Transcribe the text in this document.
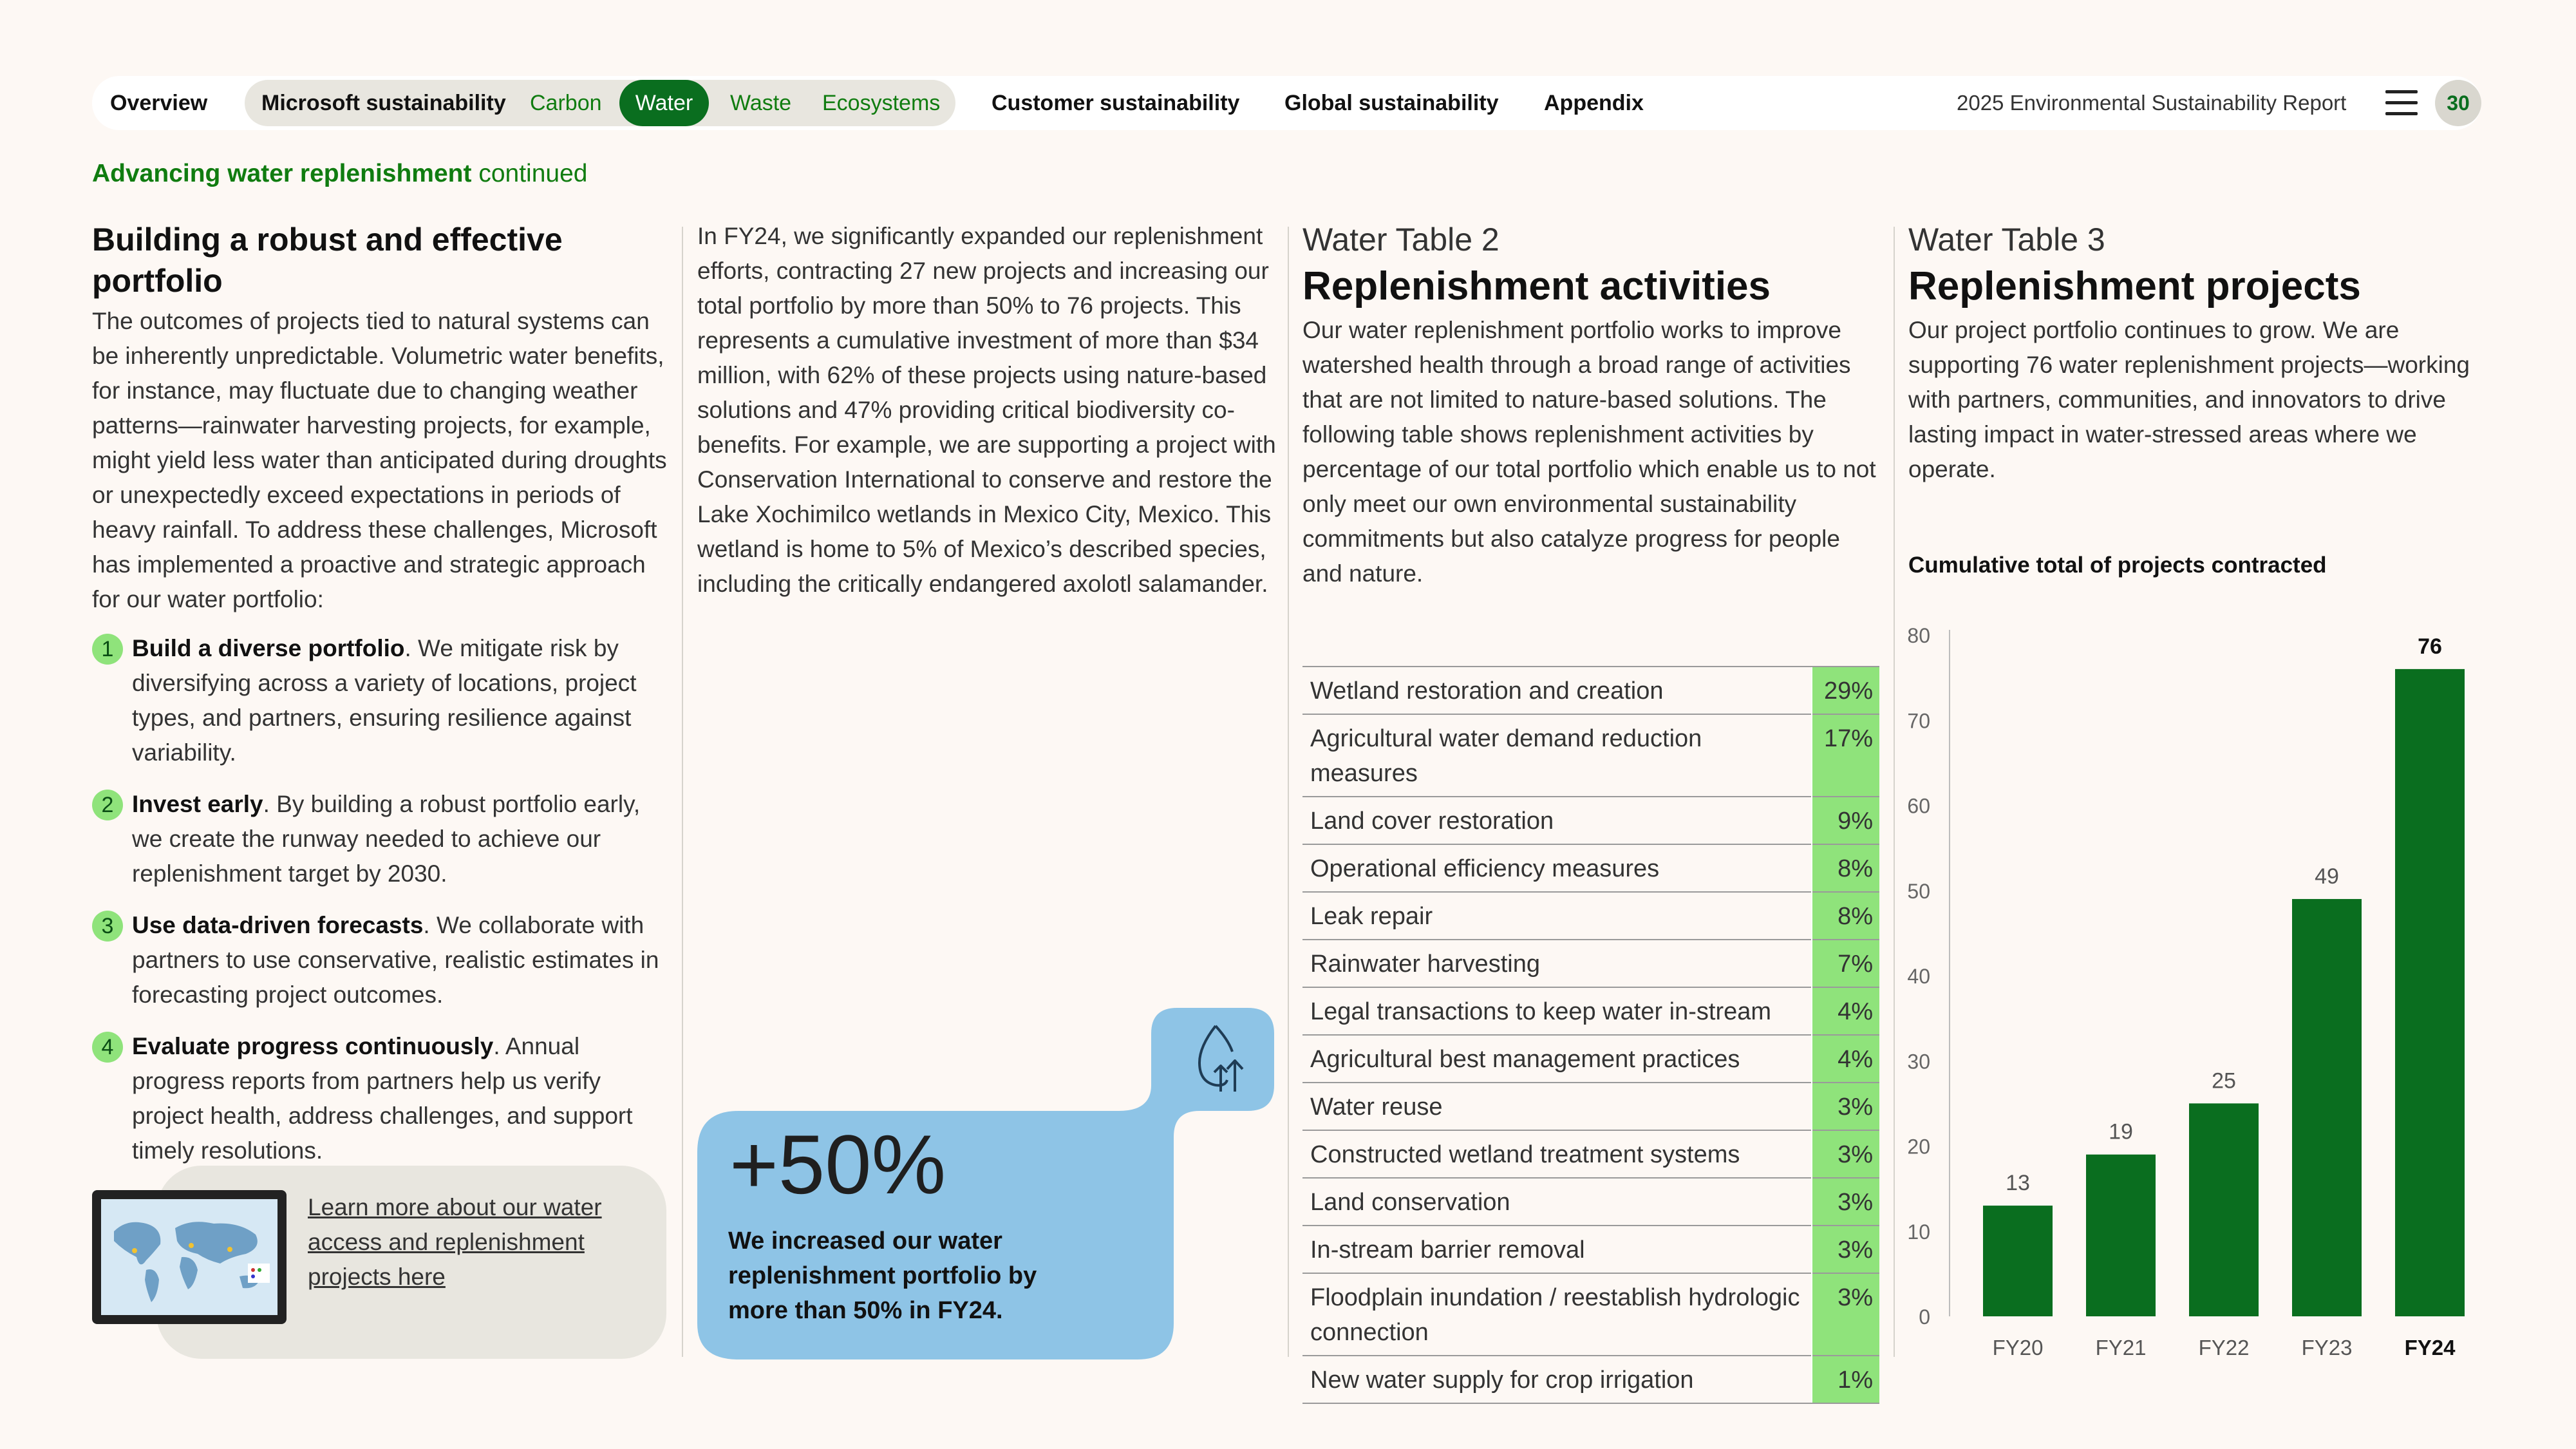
Overview Microsoft sustainability Carbon	Water	Waste Ecosystems Customer sustainability Global sustainability Appendix	2025 Environmental Sustainability Report	30
Advancing water replenishment continued
Building a robust and effective portfolio

The outcomes of projects tied to natural systems can be inherently unpredictable. Volumetric water benefits, for instance, may fluctuate due to changing weather patterns—rainwater harvesting projects, for example, might yield less water than anticipated during droughts or unexpectedly exceed expectations in periods of heavy rainfall. To address these challenges, Microsoft has implemented a proactive and strategic approach for our water portfolio:

1 Build a diverse portfolio. We mitigate risk by diversifying across a variety of locations, project types, and partners, ensuring resilience against variability.
2 Invest early. By building a robust portfolio early, we create the runway needed to achieve our replenishment target by 2030.
3 Use data-driven forecasts. We collaborate with partners to use conservative, realistic estimates in forecasting project outcomes.
4 Evaluate progress continuously. Annual progress reports from partners help us verify project health, address challenges, and support timely resolutions.
Learn more about our water access and replenishment projects here

In FY24, we significantly expanded our replenishment efforts, contracting 27 new projects and increasing our total portfolio by more than 50% to 76 projects. This represents a cumulative investment of more than $34 million, with 62% of these projects using nature-based solutions and 47% providing critical biodiversity co-benefits. For example, we are supporting a project with Conservation International to conserve and restore the Lake Xochimilco wetlands in Mexico City, Mexico. This wetland is home to 5% of Mexico’s described species, including the critically endangered axolotl salamander.

+50%
We increased our water replenishment portfolio by more than 50% in FY24.
Water Table 2
Replenishment activities

Our water replenishment portfolio works to improve watershed health through a broad range of activities that are not limited to nature-based solutions. The following table shows replenishment activities by percentage of our total portfolio which enable us to not only meet our own environmental sustainability commitments but also catalyze progress for people and nature.

Wetland restoration and creation	29%
Agricultural water demand reduction measures	17%
Land cover restoration	9%
Operational efficiency measures	8%
Leak repair	8%
Rainwater harvesting	7%
Legal transactions to keep water in-stream	4%
Agricultural best management practices	4%
Water reuse	3%
Constructed wetland treatment systems	3%
Land conservation	3%
In-stream barrier removal	3%
Floodplain inundation / reestablish hydrologic connection	3%
New water supply for crop irrigation	1%
Water Table 3
Replenishment projects

Our project portfolio continues to grow. We are supporting 76 water replenishment projects—working with partners, communities, and innovators to drive lasting impact in water-stressed areas where we operate.

Cumulative total of projects contracted
0
10
20
30
40
50
60
70
80
13
FY20
19
FY21
25
FY22
49
FY23
76
FY24
